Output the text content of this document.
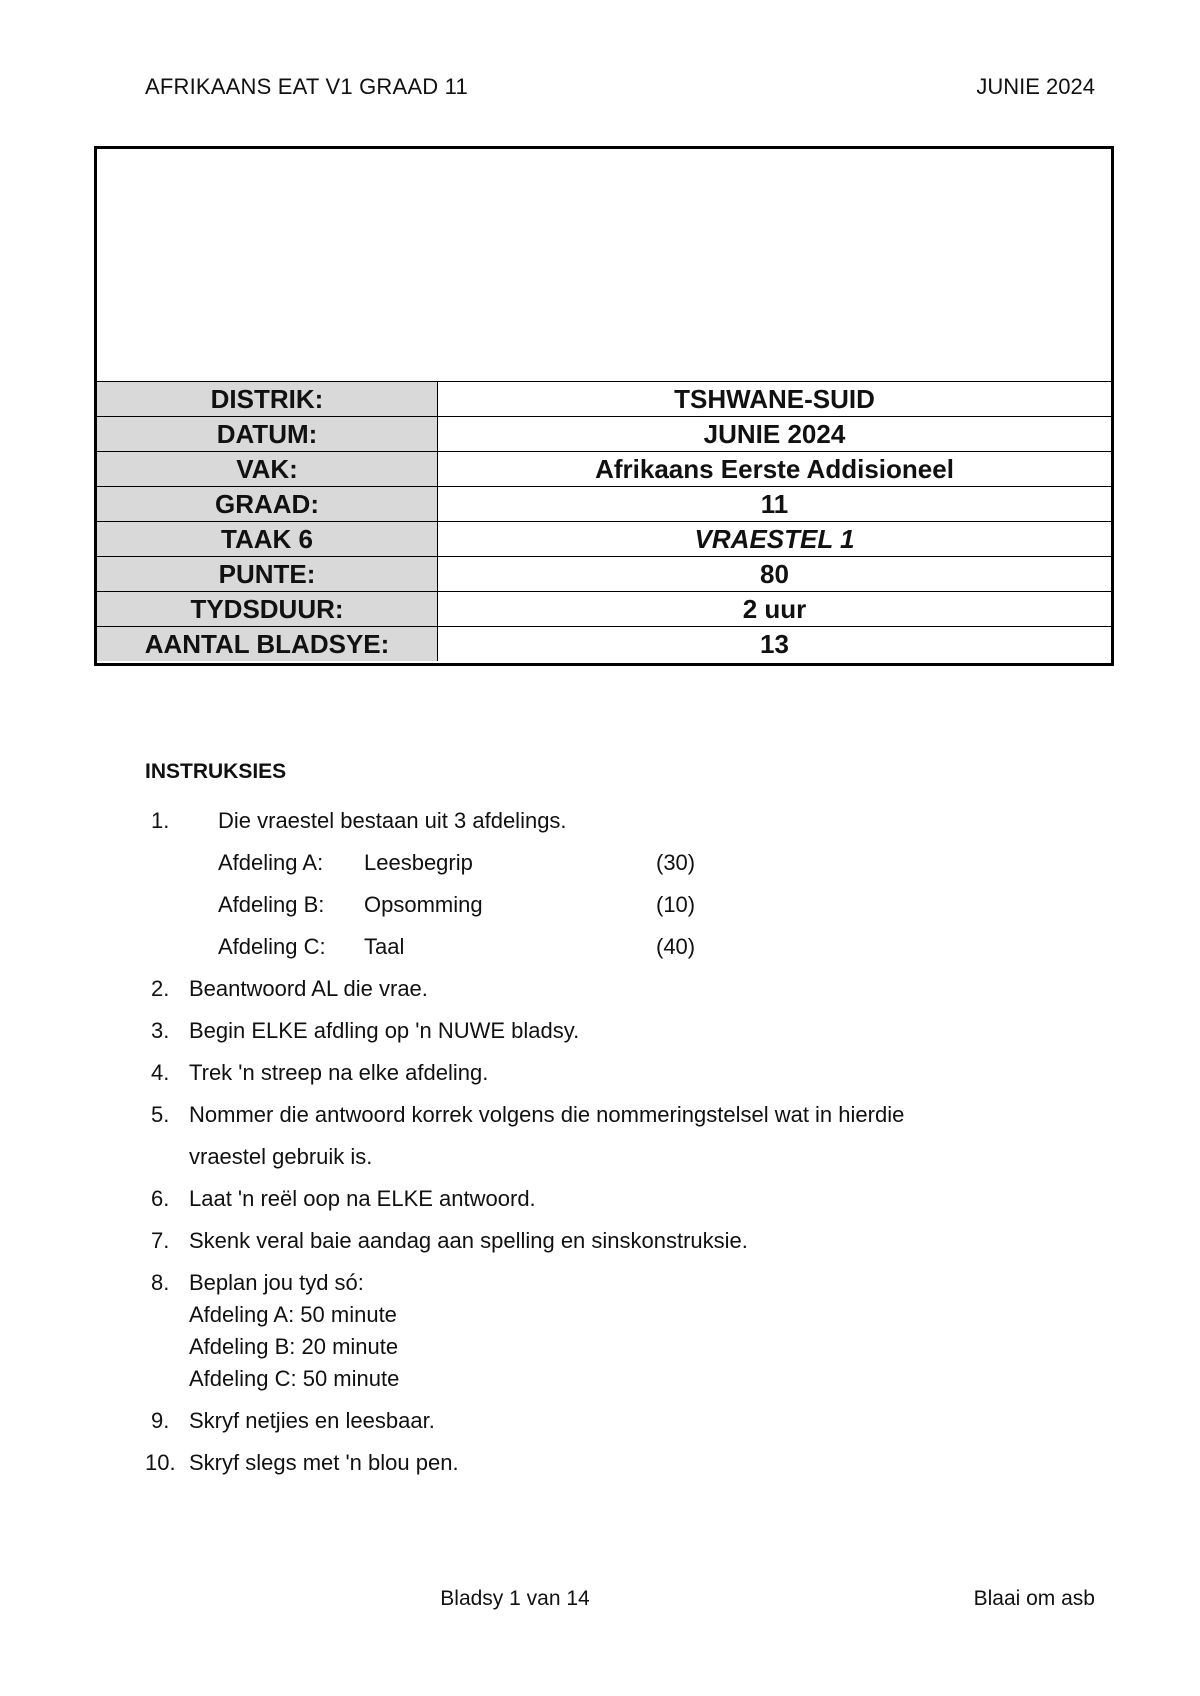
AFRIKAANS EAT V1 GRAAD 11	JUNIE 2024
DISTRIK:	TSHWANE-SUID
DATUM:	JUNIE 2024
VAK:	Afrikaans Eerste Addisioneel
GRAAD:	11
TAAK 6	VRAESTEL 1
PUNTE:	80
TYDSDUUR:	2 uur
AANTAL BLADSYE:	13
INSTRUKSIES
1. Die vraestel bestaan uit 3 afdelings.
Afdeling A: Leesbegrip	(30)
Afdeling B: Opsomming	(10)
Afdeling C: Taal	(40)
2. Beantwoord AL die vrae.
3. Begin ELKE afdling op 'n NUWE bladsy.
4. Trek 'n streep na elke afdeling.
5. Nommer die antwoord korrek volgens die nommeringstelsel wat in hierdie
vraestel gebruik is.
6. Laat 'n reël oop na ELKE antwoord.
7. Skenk veral baie aandag aan spelling en sinskonstruksie.
8. Beplan jou tyd só:
Afdeling A: 50 minute
Afdeling B: 20 minute
Afdeling C: 50 minute
9. Skryf netjies en leesbaar.
10. Skryf slegs met 'n blou pen.
Bladsy 1 van 14	Blaai om asb
